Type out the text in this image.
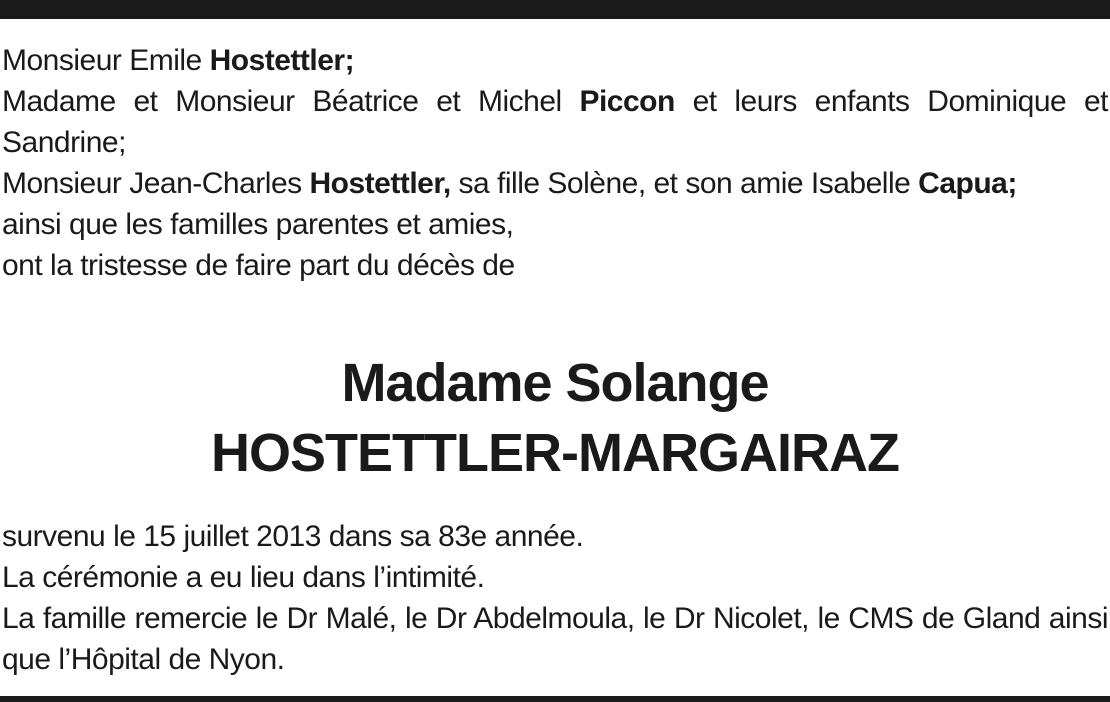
Monsieur Emile Hostettler;

Madame et Monsieur Béatrice et Michel Piccon et leurs enfants Dominique et Sandrine;

Monsieur Jean-Charles Hostettler, sa fille Solène, et son amie Isabelle Capua;

ainsi que les familles parentes et amies,

ont la tristesse de faire part du décès de

Madame Solange
HOSTETTLER-MARGAIRAZ

survenu le 15 juillet 2013 dans sa 83e année.

La cérémonie a eu lieu dans l’intimité.

La famille remercie le Dr Malé, le Dr Abdelmoula, le Dr Nicolet, le CMS de Gland ainsi que l’Hôpital de Nyon.
